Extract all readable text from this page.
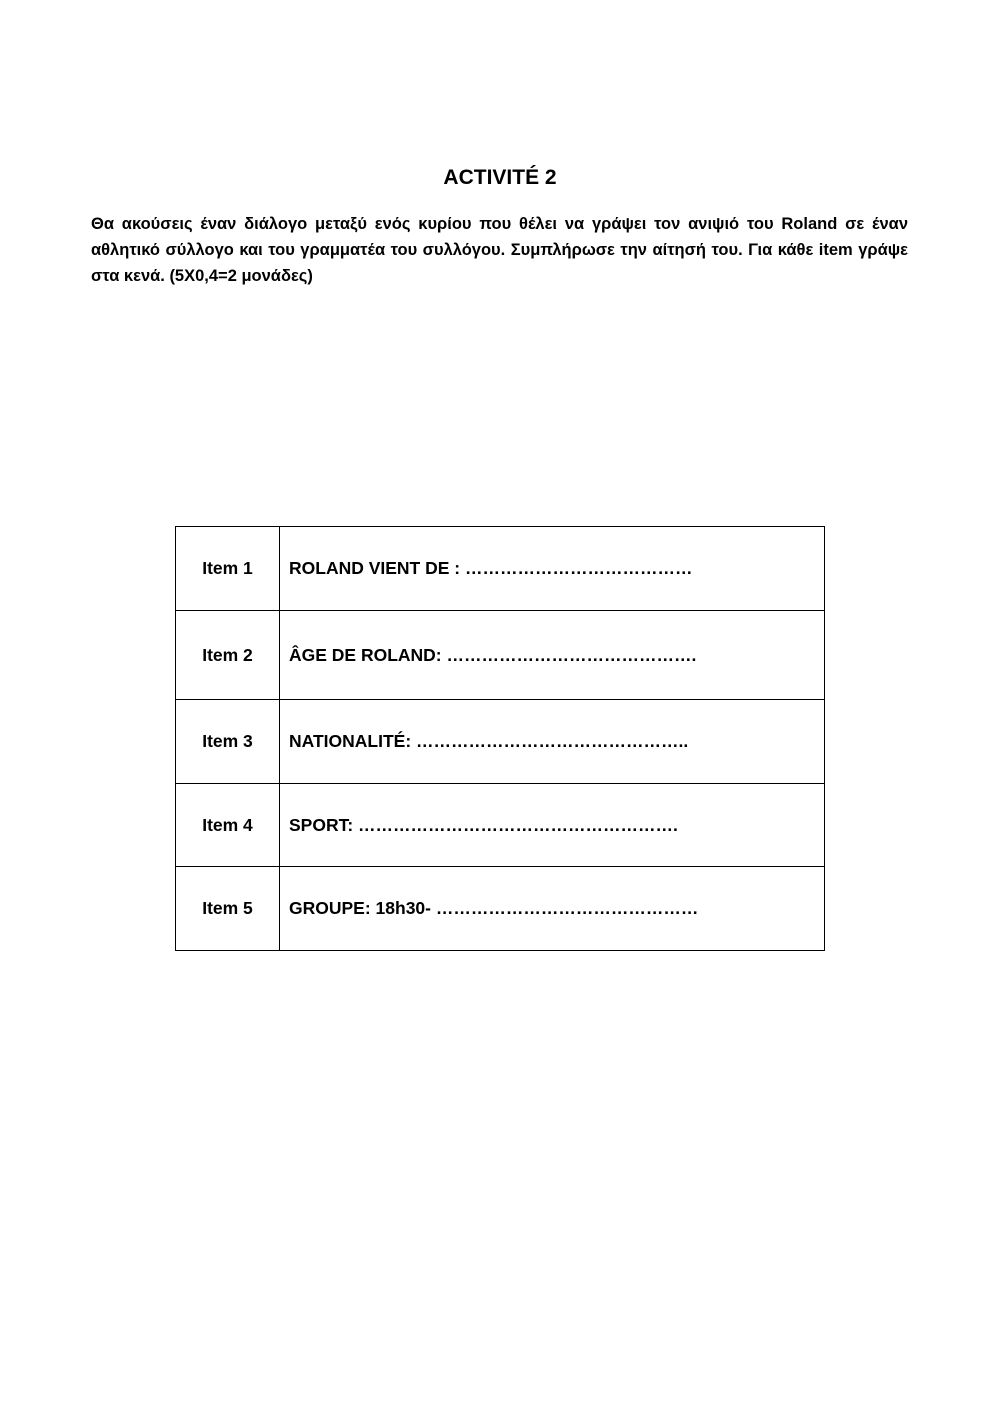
ACTIVITÉ 2

Θα ακούσεις έναν διάλογο μεταξύ ενός κυρίου που θέλει να γράψει τον ανιψιό του Roland σε έναν αθλητικό σύλλογο και του γραμματέα του συλλόγου. Συμπλήρωσε την αίτησή του. Για κάθε item γράψε στα κενά. (5Χ0,4=2 μονάδες)

Item 1	ROLAND VIENT DE : …………………………………
Item 2	ÂGE DE ROLAND: …………………………………….
Item 3	NATIONALITÉ: ………………………………………..
Item 4	SPORT: ……………………………………………….
Item 5	GROUPE: 18h30- ………………………………………
